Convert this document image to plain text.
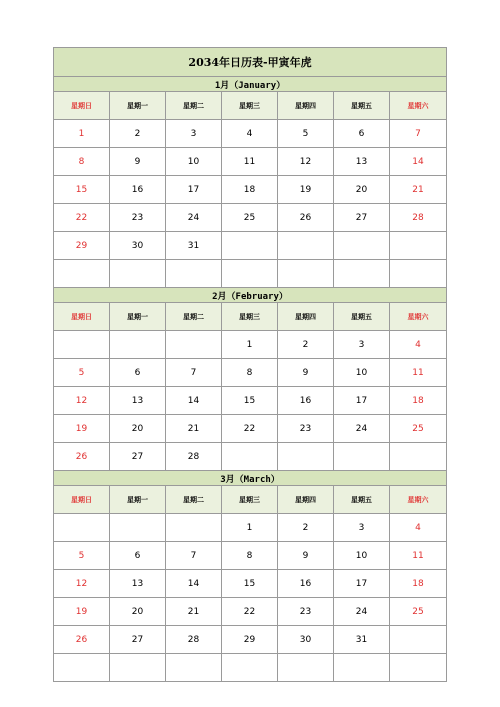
2034年日历表-甲寅年虎						
1月（January）						
星期日	星期一	星期二	星期三	星期四	星期五	星期六
1	2	3	4	5	6	7
8	9	10	11	12	13	14
15	16	17	18	19	20	21
22	23	24	25	26	27	28
29	30	31				

2月（February）						
星期日	星期一	星期二	星期三	星期四	星期五	星期六
			1	2	3	4
5	6	7	8	9	10	11
12	13	14	15	16	17	18
19	20	21	22	23	24	25
26	27	28				
3月（March）						
星期日	星期一	星期二	星期三	星期四	星期五	星期六
			1	2	3	4
5	6	7	8	9	10	11
12	13	14	15	16	17	18
19	20	21	22	23	24	25
26	27	28	29	30	31	
